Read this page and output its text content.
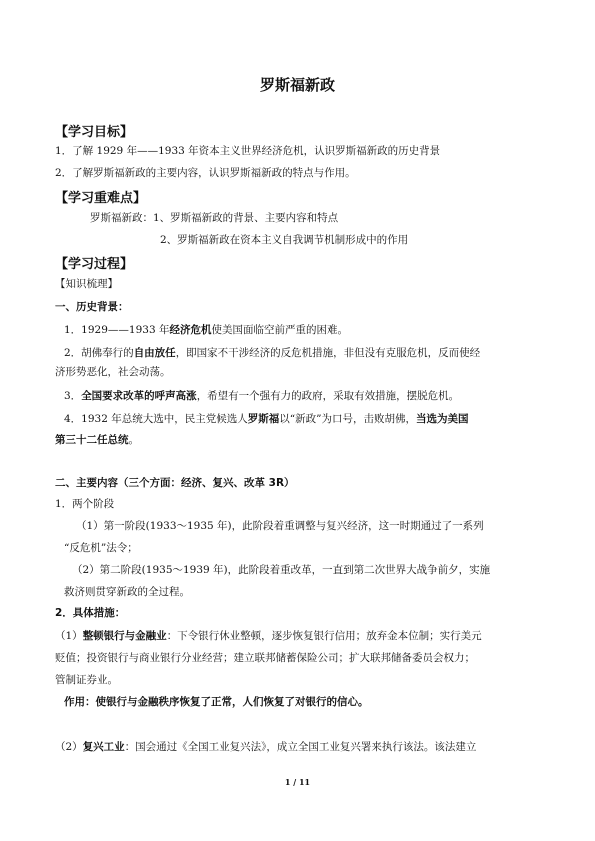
罗斯福新政
【学习目标】
1．了解 1929 年——1933 年资本主义世界经济危机，认识罗斯福新政的历史背景
2．了解罗斯福新政的主要内容，认识罗斯福新政的特点与作用。
【学习重难点】
罗斯福新政：1、罗斯福新政的背景、主要内容和特点
2、罗斯福新政在资本主义自我调节机制形成中的作用
【学习过程】
【知识梳理】
一、历史背景：
1．1929——1933 年经济危机使美国面临空前严重的困难。
2．胡佛奉行的自由放任，即国家不干涉经济的反危机措施，非但没有克服危机，反而使经
济形势恶化，社会动荡。
3．全国要求改革的呼声高涨，希望有一个强有力的政府，采取有效措施，摆脱危机。
4．1932 年总统大选中，民主党候选人罗斯福以“新政”为口号，击败胡佛，当选为美国
第三十二任总统。
二、主要内容（三个方面：经济、复兴、改革 3R）
1．两个阶段
（1）第一阶段(1933～1935 年)，此阶段着重调整与复兴经济，这一时期通过了一系列
“反危机”法令；
（2）第二阶段(1935～1939 年)，此阶段着重改革，一直到第二次世界大战争前夕，实施
救济则贯穿新政的全过程。
2．具体措施：
（1）整顿银行与金融业：下令银行休业整顿，逐步恢复银行信用；放弃金本位制；实行美元
贬值；投资银行与商业银行分业经营；建立联邦储蓄保险公司；扩大联邦储备委员会权力；
管制证券业。
作用：使银行与金融秩序恢复了正常，人们恢复了对银行的信心。
（2）复兴工业：国会通过《全国工业复兴法》，成立全国工业复兴署来执行该法。该法建立
1 / 11
